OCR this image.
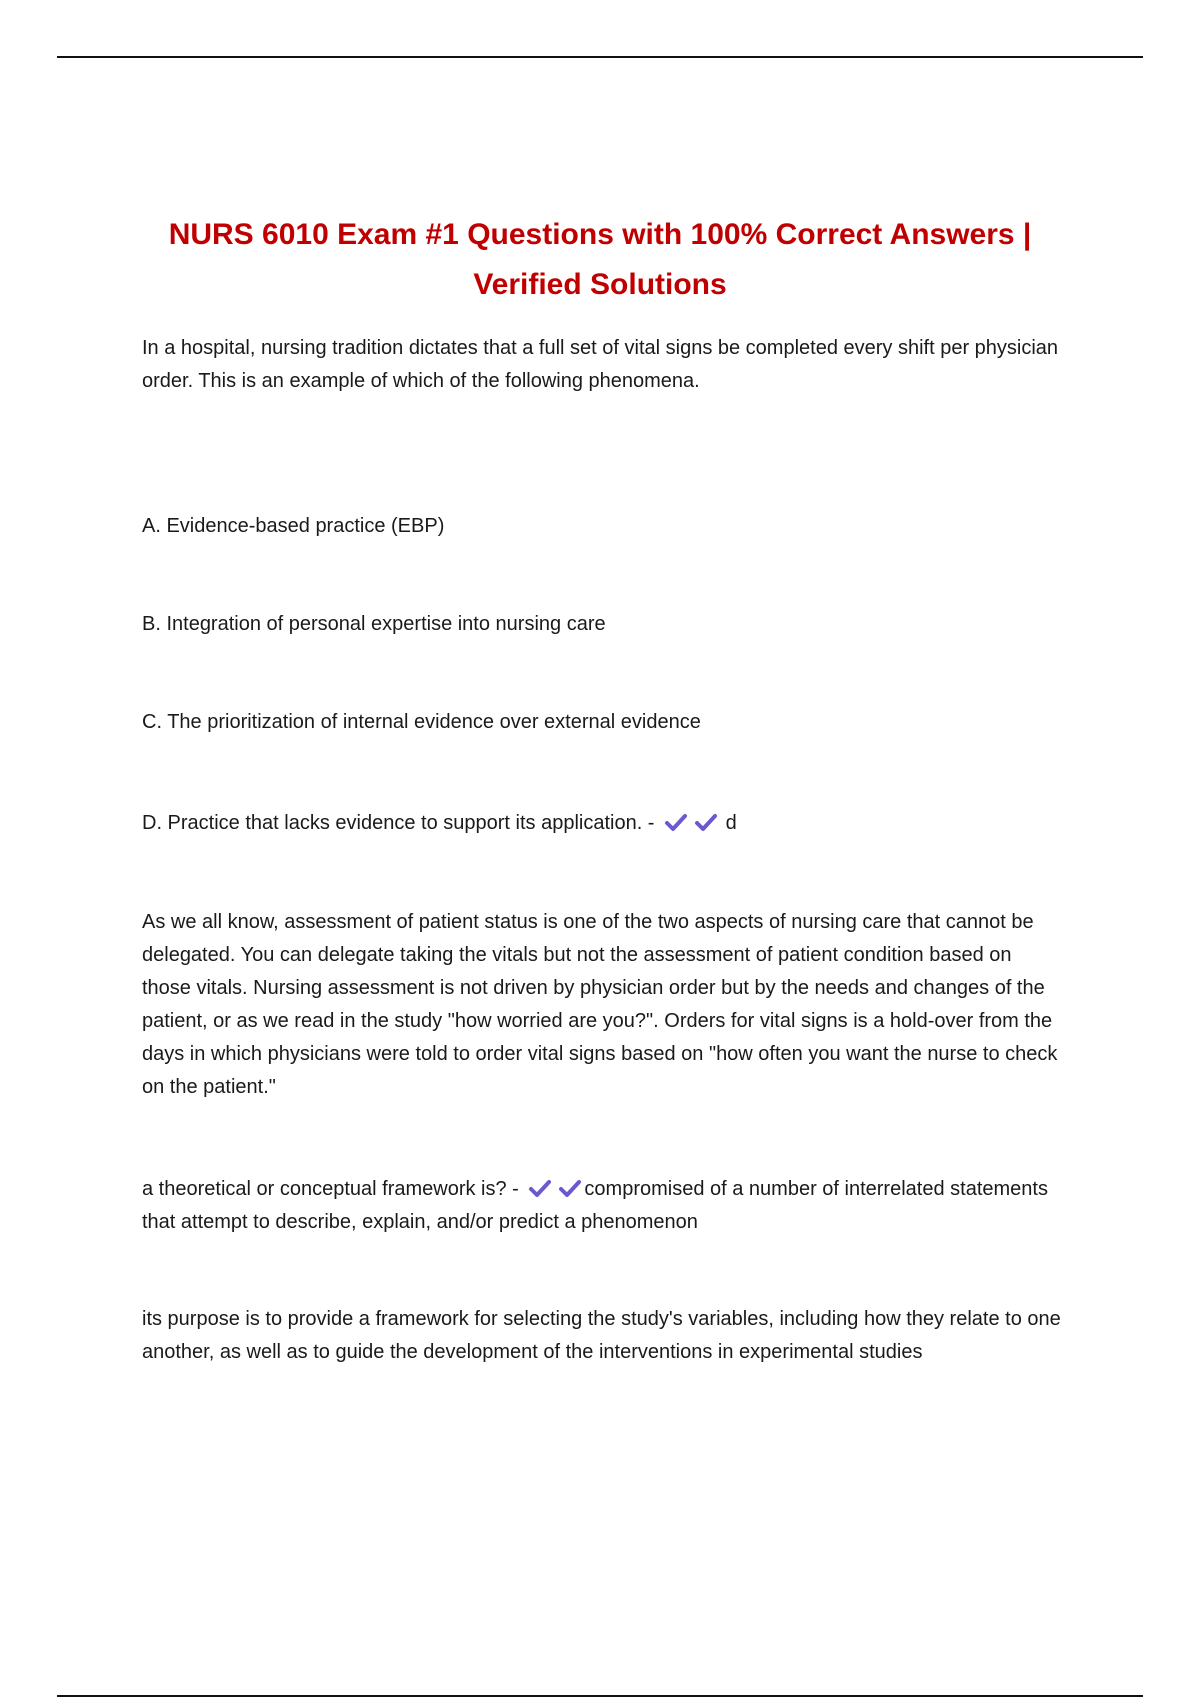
NURS 6010 Exam #1 Questions with 100% Correct Answers | Verified Solutions

In a hospital, nursing tradition dictates that a full set of vital signs be completed every shift per physician order. This is an example of which of the following phenomena.

A. Evidence-based practice (EBP)

B. Integration of personal expertise into nursing care

C. The prioritization of internal evidence over external evidence

D. Practice that lacks evidence to support its application. -	d

As we all know, assessment of patient status is one of the two aspects of nursing care that cannot be delegated. You can delegate taking the vitals but not the assessment of patient condition based on those vitals. Nursing assessment is not driven by physician order but by the needs and changes of the patient, or as we read in the study "how worried are you?". Orders for vital signs is a hold-over from the days in which physicians were told to order vital signs based on "how often you want the nurse to check on the patient."

a theoretical or conceptual framework is? -	compromised of a number of interrelated statements that attempt to describe, explain, and/or predict a phenomenon

its purpose is to provide a framework for selecting the study's variables, including how they relate to one another, as well as to guide the development of the interventions in experimental studies
